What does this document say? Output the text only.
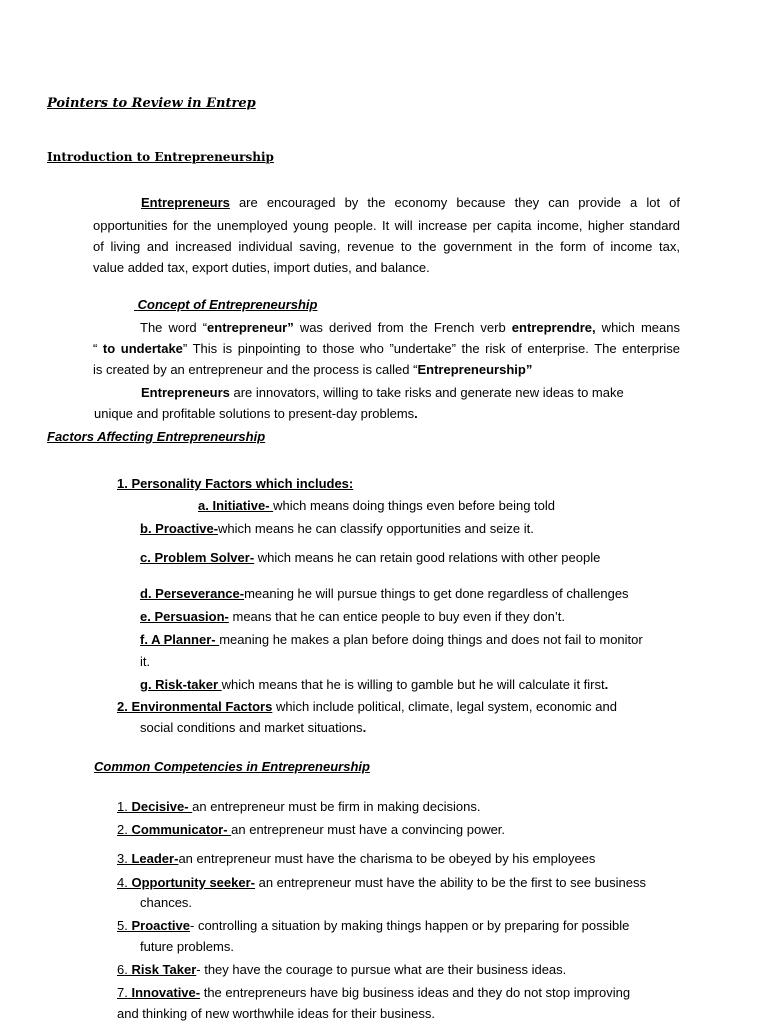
Pointers to Review in Entrep
Introduction to Entrepreneurship
Entrepreneurs are encouraged by the economy because they can provide a lot of
opportunities for the unemployed young people. It will increase per capita income, higher standard
of living and increased individual saving, revenue to the government in the form of income tax,
value added tax, export duties, import duties, and balance.
Concept of Entrepreneurship
The word “entrepreneur” was derived from the French verb entreprendre, which means
“ to undertake” This is pinpointing to those who ”undertake” the risk of enterprise. The enterprise
is created by an entrepreneur and the process is called “Entrepreneurship”
Entrepreneurs are innovators, willing to take risks and generate new ideas to make
unique and profitable solutions to present-day problems.
Factors Affecting Entrepreneurship
1. Personality Factors which includes:
a. Initiative- which means doing things even before being told
b. Proactive-which means he can classify opportunities and seize it.
c. Problem Solver- which means he can retain good relations with other people
d. Perseverance-meaning he will pursue things to get done regardless of challenges
e. Persuasion- means that he can entice people to buy even if they don’t.
f. A Planner- meaning he makes a plan before doing things and does not fail to monitor
it.
g. Risk-taker which means that he is willing to gamble but he will calculate it first.
2. Environmental Factors which include political, climate, legal system, economic and
social conditions and market situations.
Common Competencies in Entrepreneurship
1. Decisive- an entrepreneur must be firm in making decisions.
2. Communicator- an entrepreneur must have a convincing power.
3. Leader-an entrepreneur must have the charisma to be obeyed by his employees
4. Opportunity seeker- an entrepreneur must have the ability to be the first to see business
chances.
5. Proactive- controlling a situation by making things happen or by preparing for possible
future problems.
6. Risk Taker- they have the courage to pursue what are their business ideas.
7. Innovative- the entrepreneurs have big business ideas and they do not stop improving
and thinking of new worthwhile ideas for their business.
